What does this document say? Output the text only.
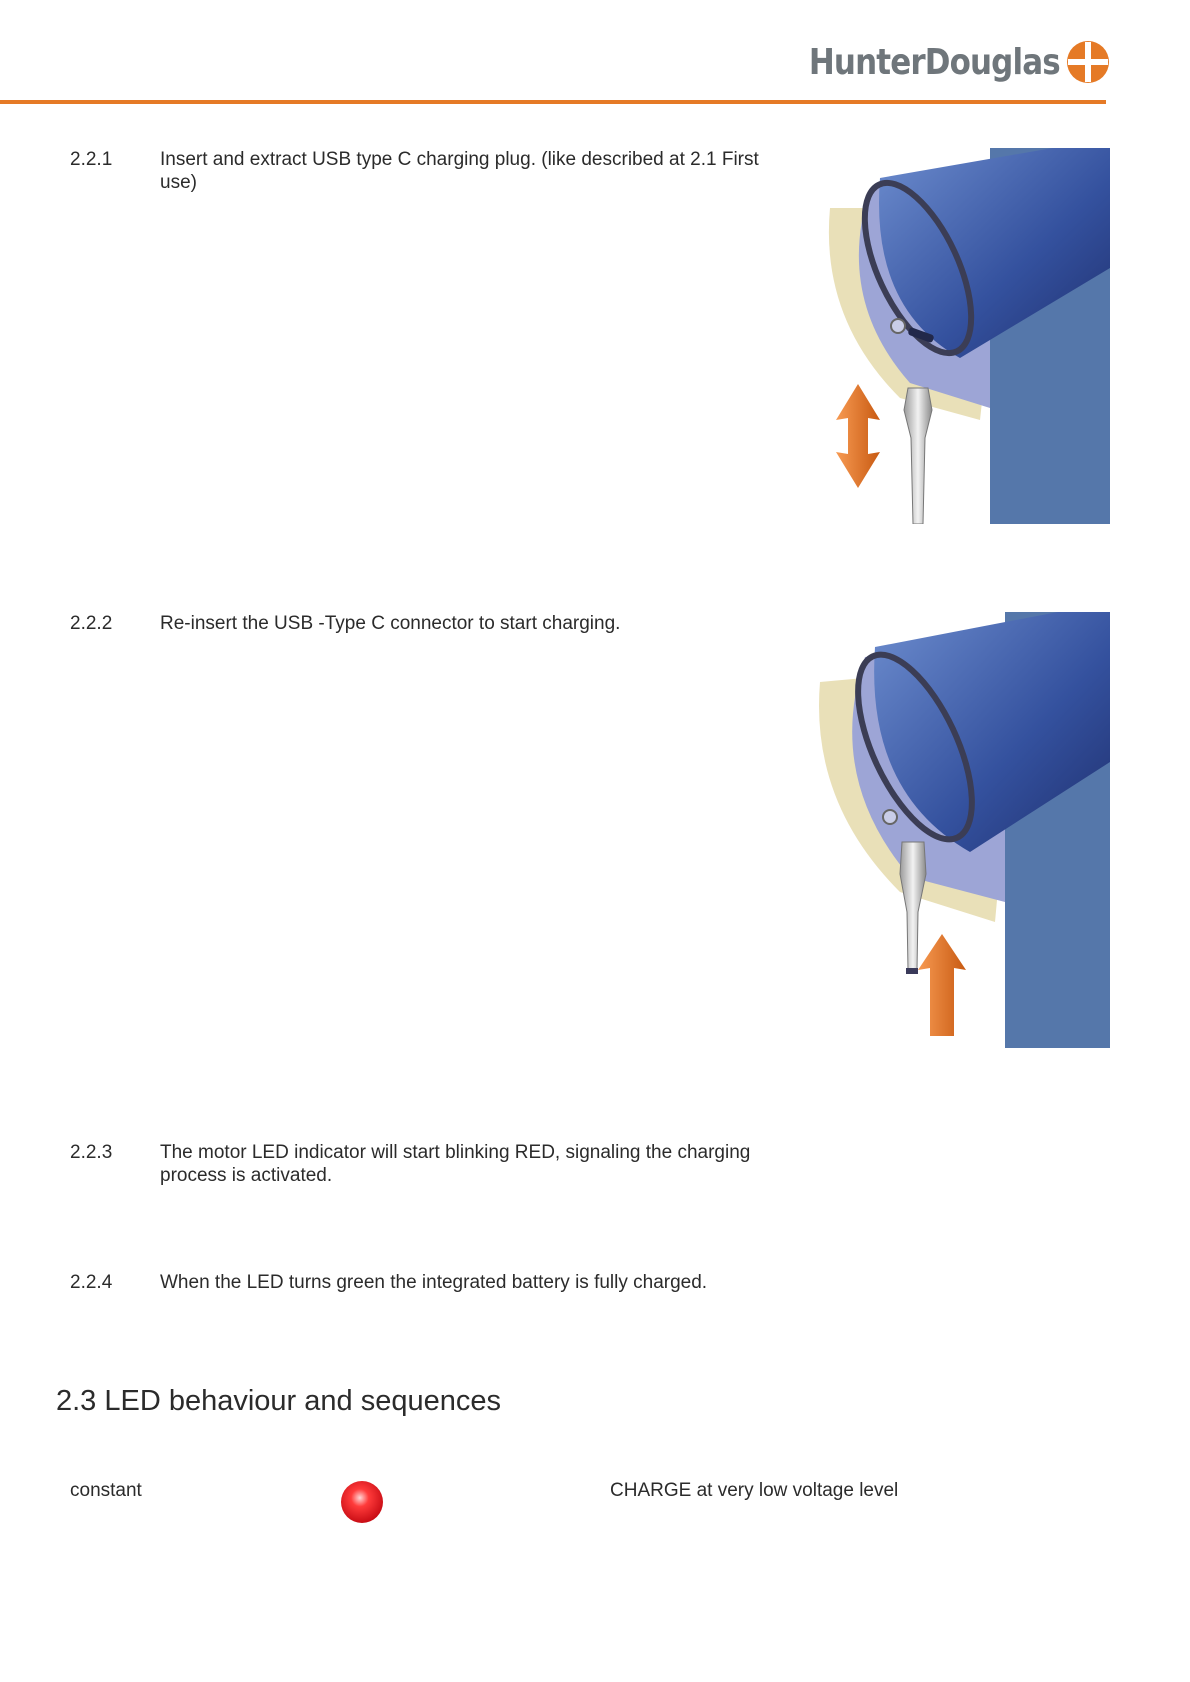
HunterDouglas
2.2.1	Insert and extract USB type C charging plug. (like described at 2.1 First use)
2.2.2	Re-insert the USB -Type C connector to start charging.
2.2.3	The motor LED indicator will start blinking RED, signaling the charging process is activated.
2.2.4	When the LED turns green the integrated battery is fully charged.
2.3 LED behaviour and sequences
constant	CHARGE at very low voltage level
